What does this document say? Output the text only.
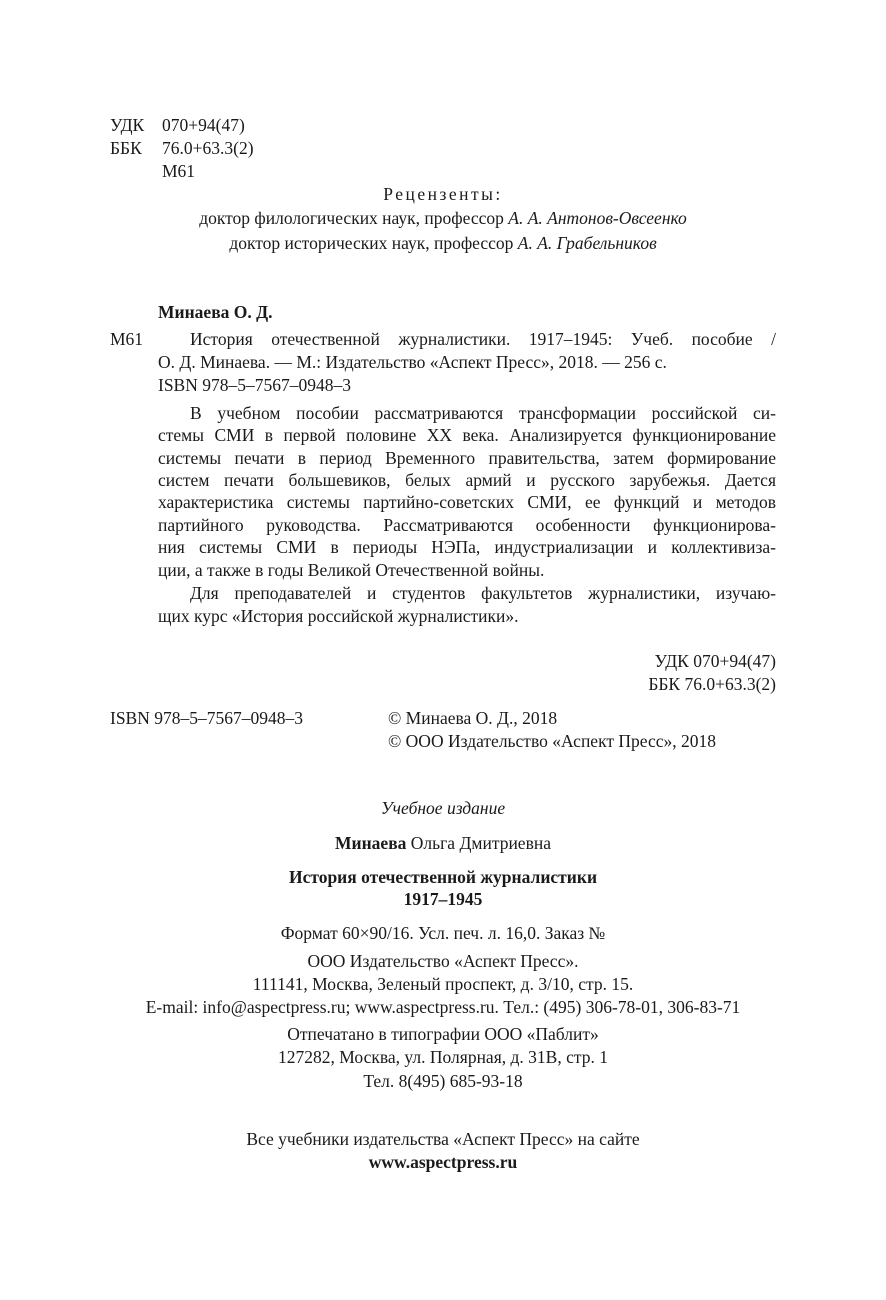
УДК 070+94(47)
ББК 76.0+63.3(2)
М61
Рецензенты:
доктор филологических наук, профессор А. А. Антонов-Овсеенко
доктор исторических наук, профессор А. А. Грабельников
Минаева О. Д.
М61	История отечественной журналистики. 1917–1945: Учеб. пособие /
О. Д. Минаева. — М.: Издательство «Аспект Пресс», 2018. — 256 с.
ISBN 978–5–7567–0948–3
В учебном пособии рассматриваются трансформации российской си-
стемы СМИ в первой половине XX века. Анализируется функционирование
системы печати в период Временного правительства, затем формирование
систем печати большевиков, белых армий и русского зарубежья. Дается
характеристика системы партийно-советских СМИ, ее функций и методов
партийного руководства. Рассматриваются особенности функционирова-
ния системы СМИ в периоды НЭПа, индустриализации и коллективиза-
ции, а также в годы Великой Отечественной войны.
Для преподавателей и студентов факультетов журналистики, изучаю-
щих курс «История российской журналистики».
УДК 070+94(47)
ББК 76.0+63.3(2)
ISBN 978–5–7567–0948–3	© Минаева О. Д., 2018
© ООО Издательство «Аспект Пресс», 2018
Учебное издание
Минаева Ольга Дмитриевна
История отечественной журналистики
1917–1945
Формат 60×90/16. Усл. печ. л. 16,0. Заказ №
ООО Издательство «Аспект Пресс».
111141, Москва, Зеленый проспект, д. 3/10, стр. 15.
E-mail: info@aspectpress.ru; www.aspectpress.ru. Тел.: (495) 306-78-01, 306-83-71
Отпечатано в типографии ООО «Паблит»
127282, Москва, ул. Полярная, д. 31В, стр. 1
Тел. 8(495) 685-93-18
Все учебники издательства «Аспект Пресс» на сайте
www.aspectpress.ru
